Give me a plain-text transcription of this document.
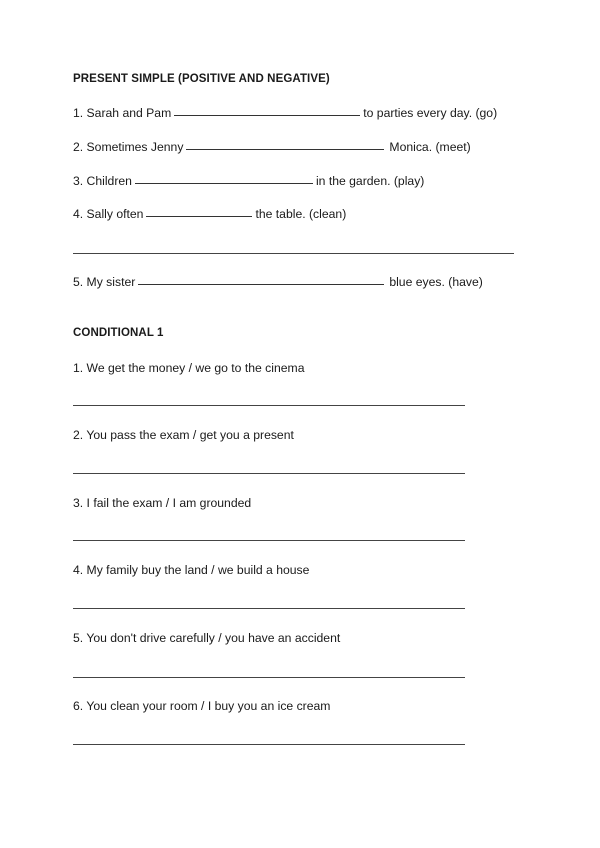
PRESENT SIMPLE (POSITIVE AND NEGATIVE)
1. Sarah and Pam	to parties every day. (go)
2. Sometimes Jenny	Monica. (meet)
3. Children	in the garden. (play)
4. Sally often	the table. (clean)
5. My sister	blue eyes. (have)
CONDITIONAL 1
1. We get the money / we go to the cinema
2. You pass the exam / get you a present
3. I fail the exam / I am grounded
4. My family buy the land / we build a house
5. You don't drive carefully / you have an accident
6. You clean your room / I buy you an ice cream
